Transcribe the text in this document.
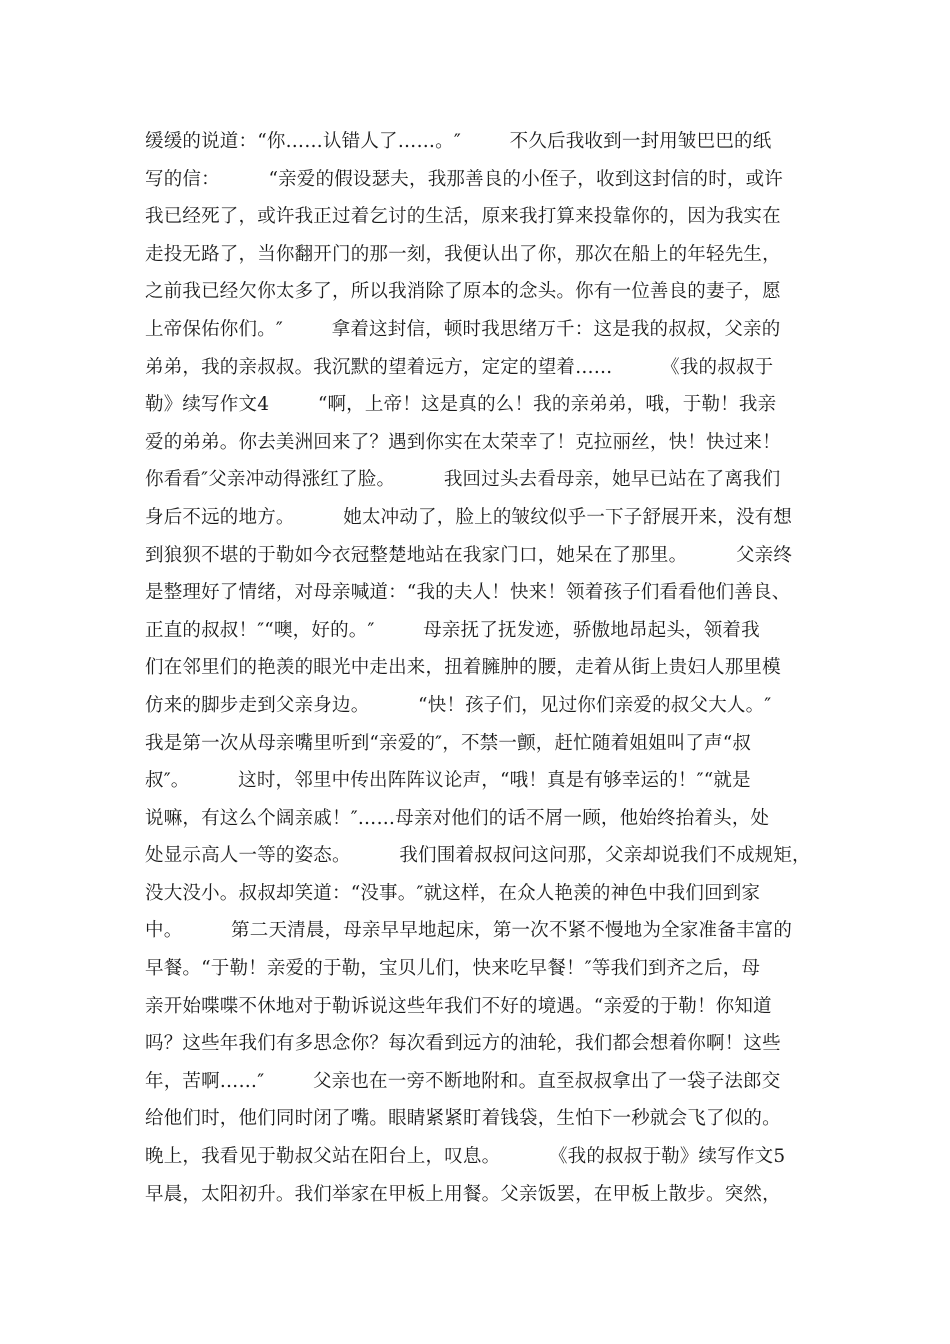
缓缓的说道：“你……认错人了……。″        不久后我收到一封用皱巴巴的纸
写的信：        “亲爱的假设瑟夫，我那善良的小侄子，收到这封信的时，或许
我已经死了，或许我正过着乞讨的生活，原来我打算来投靠你的，因为我实在
走投无路了，当你翻开门的那一刻，我便认出了你，那次在船上的年轻先生，
之前我已经欠你太多了，所以我消除了原本的念头。你有一位善良的妻子，愿
上帝保佑你们。″        拿着这封信，顿时我思绪万千：这是我的叔叔，父亲的
弟弟，我的亲叔叔。我沉默的望着远方，定定的望着……        《我的叔叔于
勒》续写作文4        “啊，上帝！这是真的么！我的亲弟弟，哦，于勒！我亲
爱的弟弟。你去美洲回来了？遇到你实在太荣幸了！克拉丽丝，快！快过来！
你看看″父亲冲动得涨红了脸。        我回过头去看母亲，她早已站在了离我们
身后不远的地方。        她太冲动了，脸上的皱纹似乎一下子舒展开来，没有想
到狼狈不堪的于勒如今衣冠整楚地站在我家门口，她呆在了那里。        父亲终
是整理好了情绪，对母亲喊道：“我的夫人！快来！领着孩子们看看他们善良、
正直的叔叔！″“噢，好的。″        母亲抚了抚发迹，骄傲地昂起头，领着我
们在邻里们的艳羡的眼光中走出来，扭着臃肿的腰，走着从街上贵妇人那里模
仿来的脚步走到父亲身边。        “快！孩子们，见过你们亲爱的叔父大人。″
我是第一次从母亲嘴里听到“亲爱的″，不禁一颤，赶忙随着姐姐叫了声“叔
叔″。        这时，邻里中传出阵阵议论声，“哦！真是有够幸运的！″“就是
说嘛，有这么个阔亲戚！″……母亲对他们的话不屑一顾，他始终抬着头，处
处显示高人一等的姿态。        我们围着叔叔问这问那，父亲却说我们不成规矩，
没大没小。叔叔却笑道：“没事。″就这样，在众人艳羡的神色中我们回到家
中。        第二天清晨，母亲早早地起床，第一次不紧不慢地为全家准备丰富的
早餐。“于勒！亲爱的于勒，宝贝儿们，快来吃早餐！″等我们到齐之后，母
亲开始喋喋不休地对于勒诉说这些年我们不好的境遇。“亲爱的于勒！你知道
吗？这些年我们有多思念你？每次看到远方的油轮，我们都会想着你啊！这些
年，苦啊……″        父亲也在一旁不断地附和。直至叔叔拿出了一袋子法郎交
给他们时，他们同时闭了嘴。眼睛紧紧盯着钱袋，生怕下一秒就会飞了似的。
晚上，我看见于勒叔父站在阳台上，叹息。        《我的叔叔于勒》续写作文5
早晨，太阳初升。我们举家在甲板上用餐。父亲饭罢，在甲板上散步。突然，
